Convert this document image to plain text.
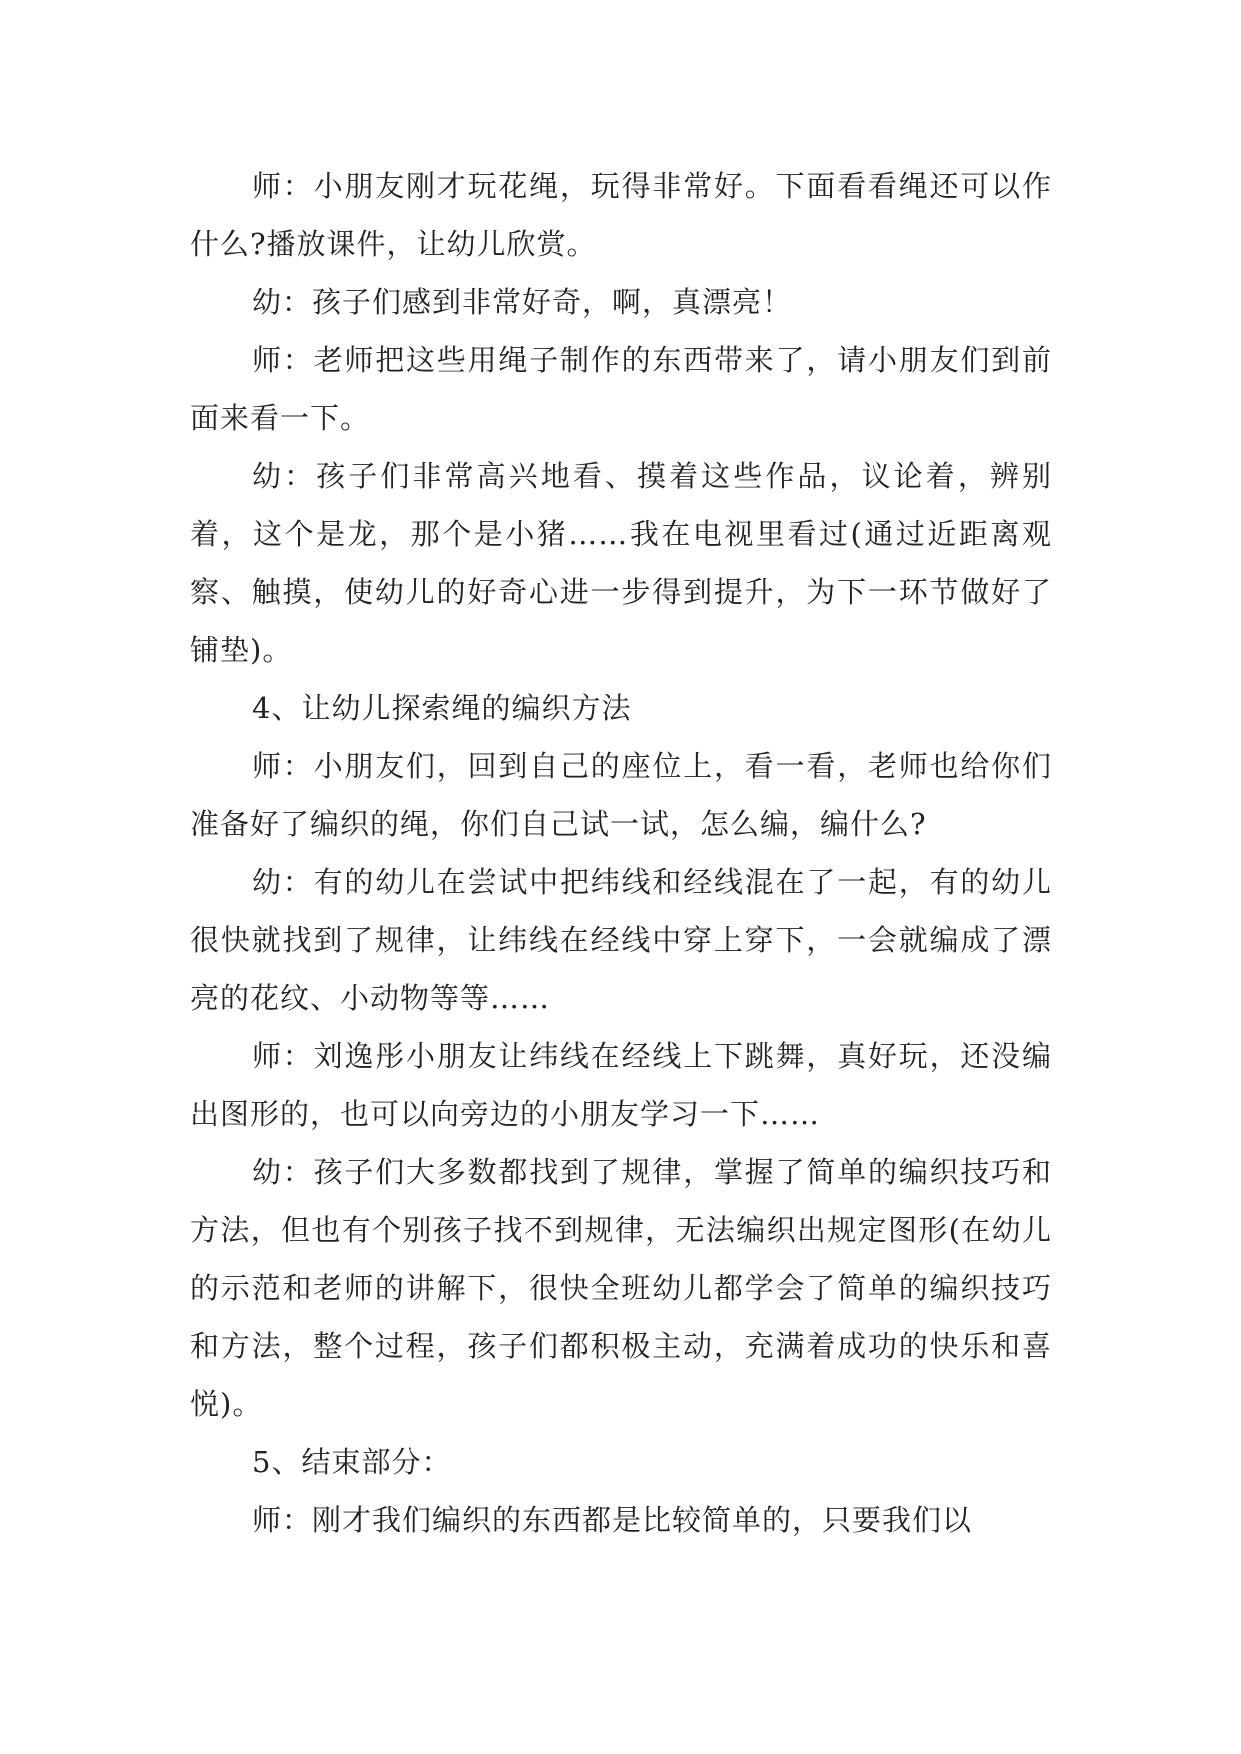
师：小朋友刚才玩花绳，玩得非常好。下面看看绳还可以作什么?播放课件，让幼儿欣赏。

幼：孩子们感到非常好奇，啊，真漂亮！

师：老师把这些用绳子制作的东西带来了，请小朋友们到前面来看一下。

幼：孩子们非常高兴地看、摸着这些作品，议论着，辨别着，这个是龙，那个是小猪……我在电视里看过(通过近距离观察、触摸，使幼儿的好奇心进一步得到提升，为下一环节做好了铺垫)。

4、让幼儿探索绳的编织方法

师：小朋友们，回到自己的座位上，看一看，老师也给你们准备好了编织的绳，你们自己试一试，怎么编，编什么?

幼：有的幼儿在尝试中把纬线和经线混在了一起，有的幼儿很快就找到了规律，让纬线在经线中穿上穿下，一会就编成了漂亮的花纹、小动物等等……

师：刘逸彤小朋友让纬线在经线上下跳舞，真好玩，还没编出图形的，也可以向旁边的小朋友学习一下……

幼：孩子们大多数都找到了规律，掌握了简单的编织技巧和方法，但也有个别孩子找不到规律，无法编织出规定图形(在幼儿的示范和老师的讲解下，很快全班幼儿都学会了简单的编织技巧和方法，整个过程，孩子们都积极主动，充满着成功的快乐和喜悦)。

5、结束部分：

师：刚才我们编织的东西都是比较简单的，只要我们以
